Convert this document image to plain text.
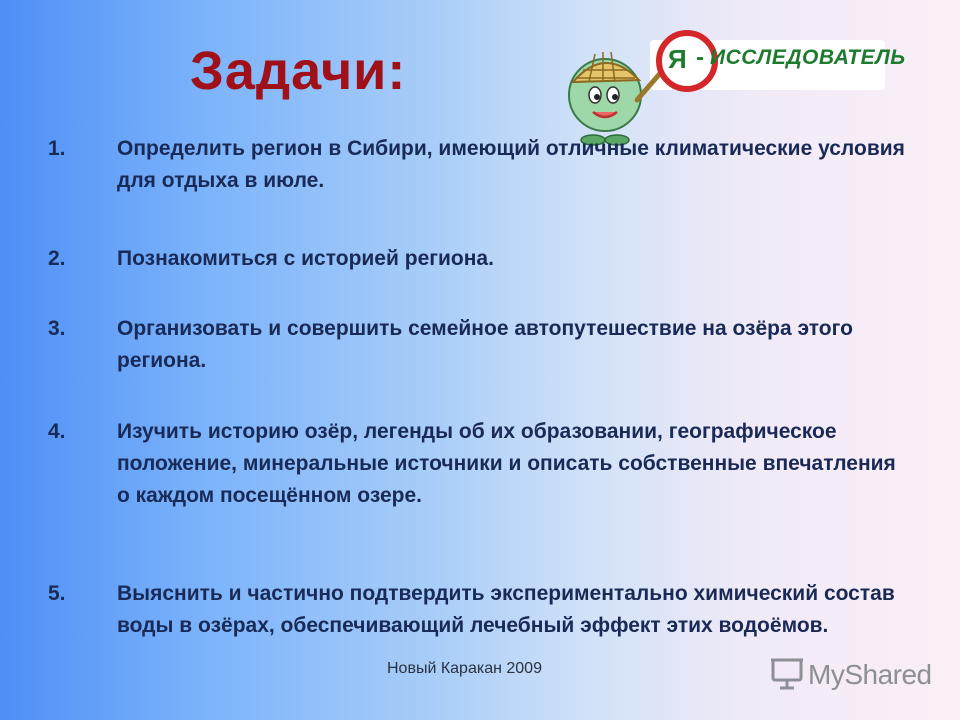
Задачи:	Я - ИССЛЕДОВАТЕЛЬ
1. Определить регион в Сибири, имеющий отличные климатические условия для отдыха в июле.
2. Познакомиться с историей региона.
3. Организовать и совершить семейное автопутешествие на озёра этого региона.
4. Изучить историю озёр, легенды об их образовании, географическое положение, минеральные источники и описать собственные впечатления о каждом посещённом озере.
5. Выяснить и частично подтвердить экспериментально химический состав воды в озёрах, обеспечивающий лечебный эффект этих водоёмов.
Новый Каракан 2009	MyShared
